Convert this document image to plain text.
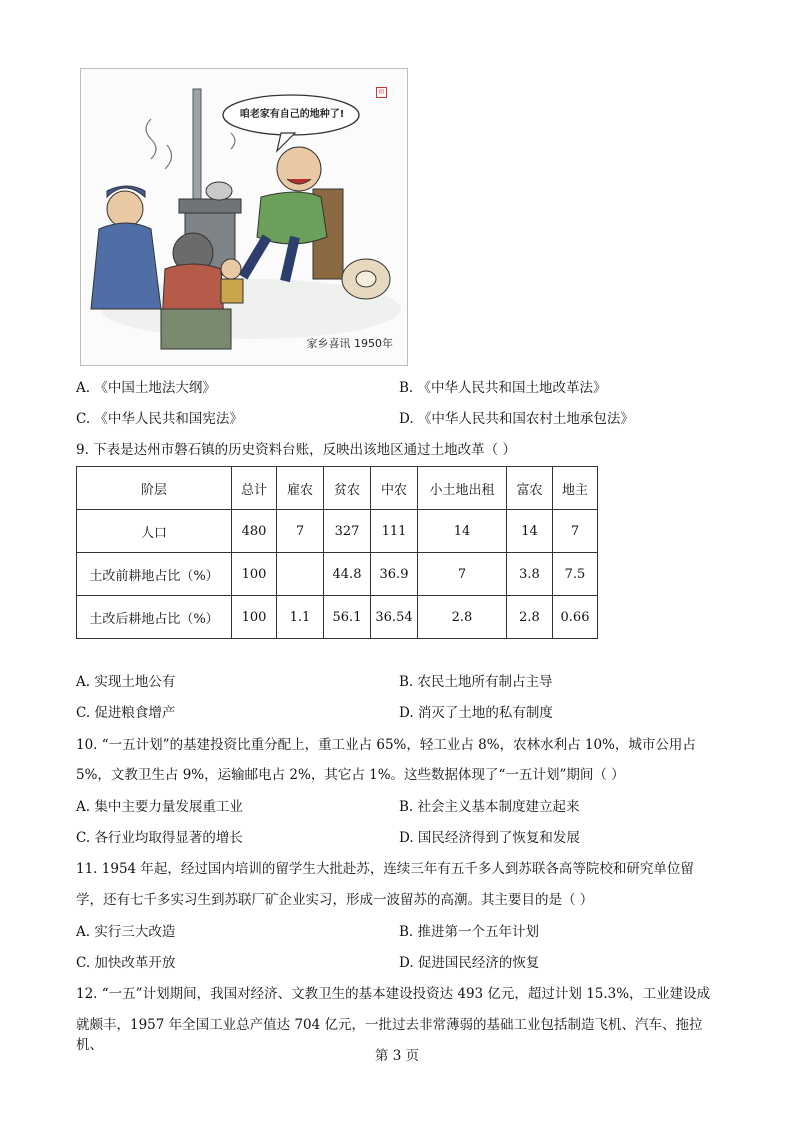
咱老家有自己的地种了!
印
家乡喜讯 1950年
A. 《中国土地法大纲》	B. 《中华人民共和国土地改革法》
C. 《中华人民共和国宪法》	D. 《中华人民共和国农村土地承包法》
9. 下表是达州市磐石镇的历史资料台账，反映出该地区通过土地改革（ ）
阶层	总计	雇农	贫农	中农	小土地出租	富农	地主
人口	480	7	327	111	14	14	7
土改前耕地占比（%）	100		44.8	36.9	7	3.8	7.5
土改后耕地占比（%）	100	1.1	56.1	36.54	2.8	2.8	0.66
A. 实现土地公有	B. 农民土地所有制占主导
C. 促进粮食增产	D. 消灭了土地的私有制度
10. “一五计划”的基建投资比重分配上，重工业占 65%，轻工业占 8%，农林水利占 10%，城市公用占
5%，文教卫生占 9%，运输邮电占 2%，其它占 1%。这些数据体现了“一五计划”期间（ ）
A. 集中主要力量发展重工业	B. 社会主义基本制度建立起来
C. 各行业均取得显著的增长	D. 国民经济得到了恢复和发展
11. 1954 年起，经过国内培训的留学生大批赴苏，连续三年有五千多人到苏联各高等院校和研究单位留
学，还有七千多实习生到苏联厂矿企业实习，形成一波留苏的高潮。其主要目的是（ ）
A. 实行三大改造	B. 推进第一个五年计划
C. 加快改革开放	D. 促进国民经济的恢复
12. “一五”计划期间，我国对经济、文教卫生的基本建设投资达 493 亿元，超过计划 15.3%，工业建设成
就颇丰，1957 年全国工业总产值达 704 亿元，一批过去非常薄弱的基础工业包括制造飞机、汽车、拖拉机、
第 3 页
